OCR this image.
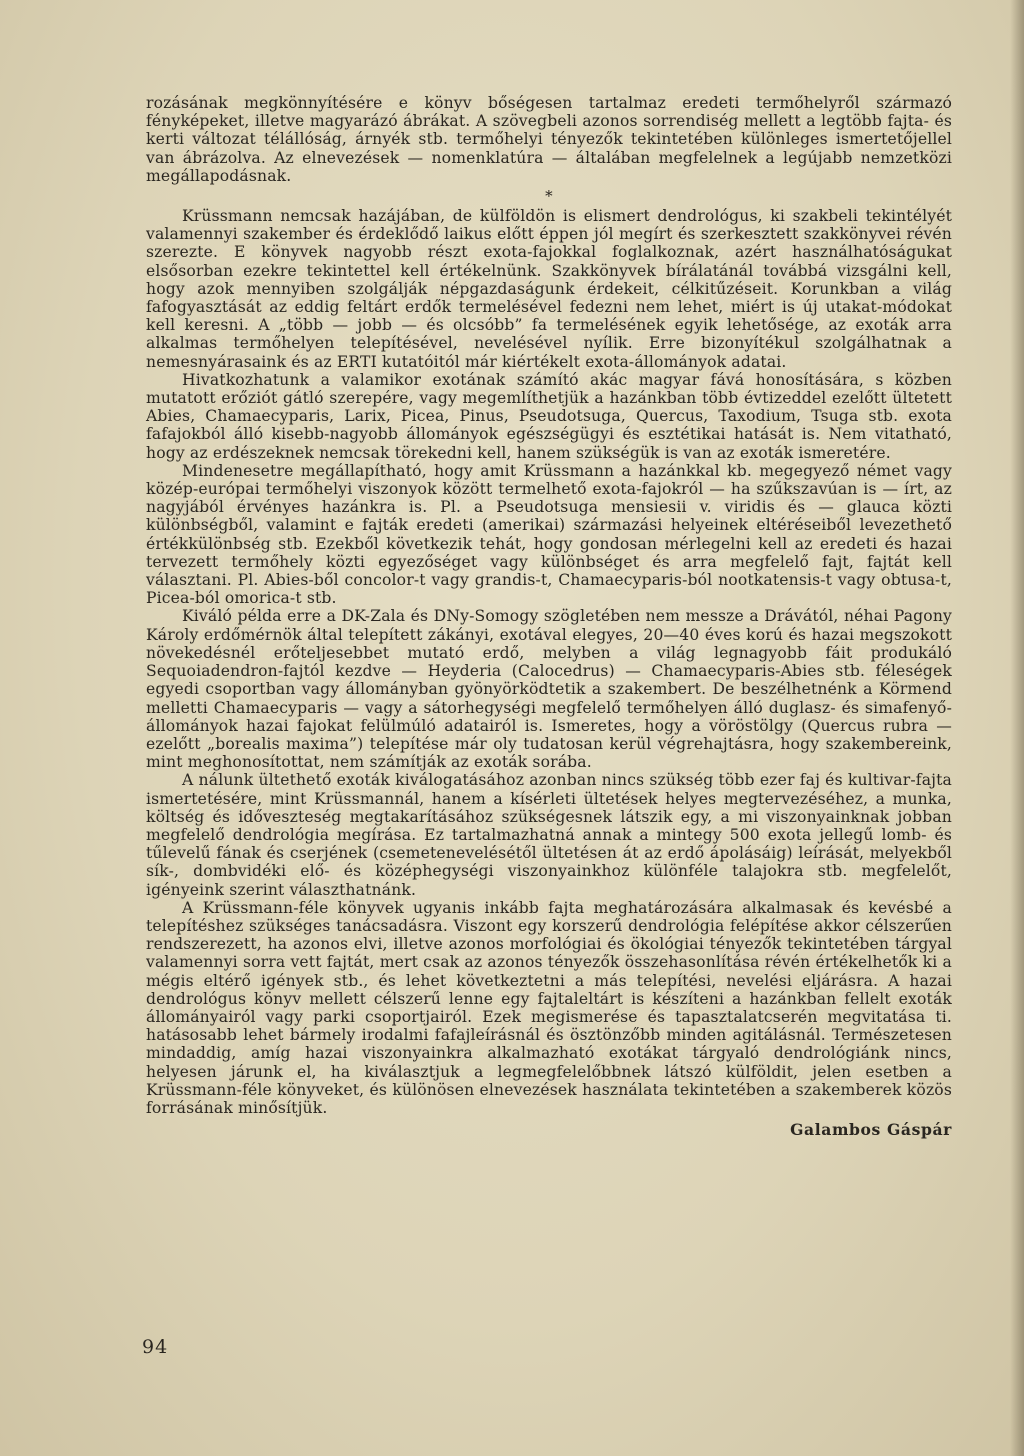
rozásának megkönnyítésére e könyv bőségesen tartalmaz eredeti termőhelyről származó fényképeket, illetve magyarázó ábrákat. A szövegbeli azonos sorrendiség mellett a legtöbb fajta- és kerti változat télállóság, árnyék stb. termőhelyi tényezők tekintetében különleges ismertetőjellel van ábrázolva. Az elnevezések — nomenklatúra — általában megfelelnek a legújabb nemzetközi megállapodásnak.

*

Krüssmann nemcsak hazájában, de külföldön is elismert dendrológus, ki szakbeli tekintélyét valamennyi szakember és érdeklődő laikus előtt éppen jól megírt és szerkesztett szakkönyvei révén szerezte. E könyvek nagyobb részt exota-fajokkal foglalkoznak, azért használhatóságukat elsősorban ezekre tekintettel kell értékelnünk. Szakkönyvek bírálatánál továbbá vizsgálni kell, hogy azok mennyiben szolgálják népgazdaságunk érdekeit, célkitűzéseit. Korunkban a világ fafogyasztását az eddig feltárt erdők termelésével fedezni nem lehet, miért is új utakat-módokat kell keresni. A „több — jobb — és olcsóbb” fa termelésének egyik lehetősége, az exoták arra alkalmas termőhelyen telepítésével, nevelésével nyílik. Erre bizonyítékul szolgálhatnak a nemesnyárasaink és az ERTI kutatóitól már kiértékelt exota-állományok adatai.

Hivatkozhatunk a valamikor exotának számító akác magyar fává honosítására, s közben mutatott erőziót gátló szerepére, vagy megemlíthetjük a hazánkban több évtizeddel ezelőtt ültetett Abies, Chamaecyparis, Larix, Picea, Pinus, Pseudotsuga, Quercus, Taxodium, Tsuga stb. exota fafajokból álló kisebb-nagyobb állományok egészségügyi és esztétikai hatását is. Nem vitatható, hogy az erdészeknek nemcsak törekedni kell, hanem szükségük is van az exoták ismeretére.

Mindenesetre megállapítható, hogy amit Krüssmann a hazánkkal kb. megegyező német vagy közép-európai termőhelyi viszonyok között termelhető exota-fajokról — ha szűkszavúan is — írt, az nagyjából érvényes hazánkra is. Pl. a Pseudotsuga mensiesii v. viridis és — glauca közti különbségből, valamint e fajták eredeti (amerikai) származási helyeinek eltéréseiből levezethető értékkülönbség stb. Ezekből következik tehát, hogy gondosan mérlegelni kell az eredeti és hazai tervezett termőhely közti egyezőséget vagy különbséget és arra megfelelő fajt, fajtát kell választani. Pl. Abies-ből concolor-t vagy grandis-t, Chamaecyparis-ból nootkatensis-t vagy obtusa-t, Picea-ból omorica-t stb.

Kiváló példa erre a DK-Zala és DNy-Somogy szögletében nem messze a Drávától, néhai Pagony Károly erdőmérnök által telepített zákányi, exotával elegyes, 20—40 éves korú és hazai megszokott növekedésnél erőteljesebbet mutató erdő, melyben a világ legnagyobb fáit produkáló Sequoiadendron-fajtól kezdve — Heyderia (Calocedrus) — Chamaecyparis-Abies stb. féleségek egyedi csoportban vagy állományban gyönyörködtetik a szakembert. De beszélhetnénk a Körmend melletti Chamaecyparis — vagy a sátorhegységi megfelelő termőhelyen álló duglasz- és simafenyő-állományok hazai fajokat felülmúló adatairól is. Ismeretes, hogy a vöröstölgy (Quercus rubra — ezelőtt „borealis maxima”) telepítése már oly tudatosan kerül végrehajtásra, hogy szakembereink, mint meghonosítottat, nem számítják az exoták sorába.

A nálunk ültethető exoták kiválogatásához azonban nincs szükség több ezer faj és kultivar-fajta ismertetésére, mint Krüssmannál, hanem a kísérleti ültetések helyes megtervezéséhez, a munka, költség és időveszteség megtakarításához szükségesnek látszik egy, a mi viszonyainknak jobban megfelelő dendrológia megírása. Ez tartalmazhatná annak a mintegy 500 exota jellegű lomb- és tűlevelű fának és cserjének (csemetenevelésétől ültetésen át az erdő ápolásáig) leírását, melyekből sík-, dombvidéki elő- és középhegységi viszonyainkhoz különféle talajokra stb. megfelelőt, igényeink szerint választhatnánk.

A Krüssmann-féle könyvek ugyanis inkább fajta meghatározására alkalmasak és kevésbé a telepítéshez szükséges tanácsadásra. Viszont egy korszerű dendrológia felépítése akkor célszerűen rendszerezett, ha azonos elvi, illetve azonos morfológiai és ökológiai tényezők tekintetében tárgyal valamennyi sorra vett fajtát, mert csak az azonos tényezők összehasonlítása révén értékelhetők ki a mégis eltérő igények stb., és lehet következtetni a más telepítési, nevelési eljárásra. A hazai dendrológus könyv mellett célszerű lenne egy fajtaleltárt is készíteni a hazánkban fellelt exoták állományairól vagy parki csoportjairól. Ezek megismerése és tapasztalatcserén megvitatása ti. hatásosabb lehet bármely irodalmi fafajleírásnál és ösztönzőbb minden agitálásnál. Természetesen mindaddig, amíg hazai viszonyainkra alkalmazható exotákat tárgyaló dendrológiánk nincs, helyesen járunk el, ha kiválasztjuk a legmegfelelőbbnek látszó külföldit, jelen esetben a Krüssmann-féle könyveket, és különösen elnevezések használata tekintetében a szakemberek közös forrásának minősítjük.

Galambos Gáspár
94
